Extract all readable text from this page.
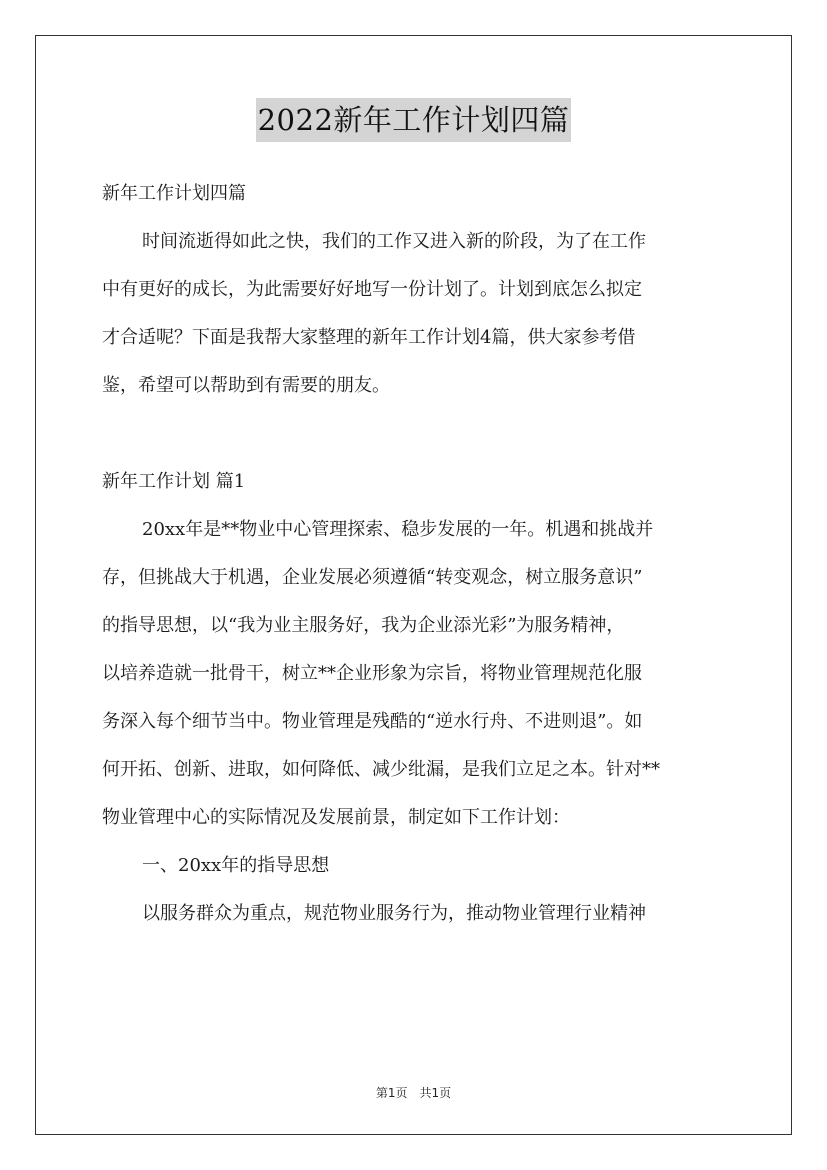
2022新年工作计划四篇
新年工作计划四篇
时间流逝得如此之快，我们的工作又进入新的阶段，为了在工作
中有更好的成长，为此需要好好地写一份计划了。计划到底怎么拟定
才合适呢？下面是我帮大家整理的新年工作计划4篇，供大家参考借
鉴，希望可以帮助到有需要的朋友。
新年工作计划 篇1
20xx年是**物业中心管理探索、稳步发展的一年。机遇和挑战并
存，但挑战大于机遇，企业发展必须遵循“转变观念，树立服务意识”
的指导思想，以“我为业主服务好，我为企业添光彩”为服务精神，
以培养造就一批骨干，树立**企业形象为宗旨，将物业管理规范化服
务深入每个细节当中。物业管理是残酷的“逆水行舟、不进则退”。如
何开拓、创新、进取，如何降低、减少纰漏，是我们立足之本。针对**
物业管理中心的实际情况及发展前景，制定如下工作计划：
一、20xx年的指导思想
以服务群众为重点，规范物业服务行为，推动物业管理行业精神
第1页 共1页
